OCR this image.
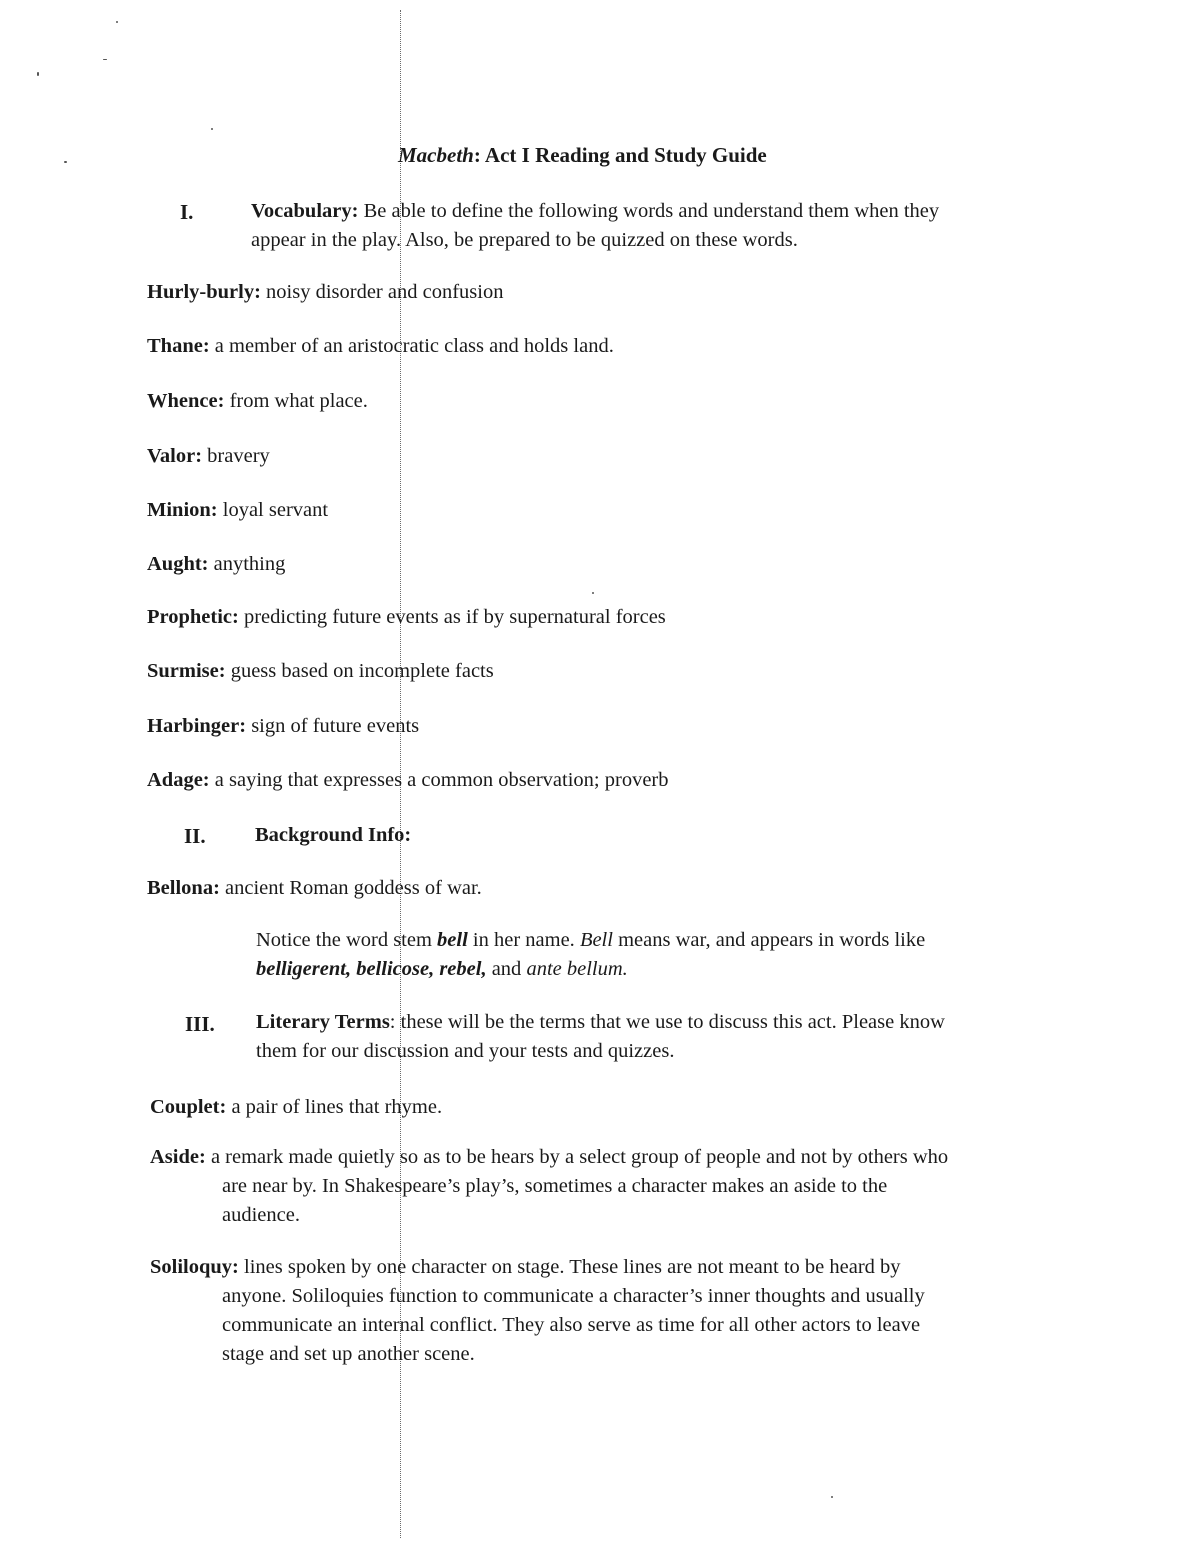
Macbeth: Act I Reading and Study Guide
I.	Vocabulary: Be able to define the following words and understand them when they
appear in the play. Also, be prepared to be quizzed on these words.
Hurly-burly: noisy disorder and confusion
Thane: a member of an aristocratic class and holds land.
Whence: from what place.
Valor: bravery
Minion: loyal servant
Aught: anything
Prophetic: predicting future events as if by supernatural forces
Surmise: guess based on incomplete facts
Harbinger: sign of future events
Adage: a saying that expresses a common observation; proverb
II. Background Info:
Bellona: ancient Roman goddess of war.
Notice the word stem bell in her name. Bell means war, and appears in words like
belligerent, bellicose, rebel, and ante bellum.
III. Literary Terms: these will be the terms that we use to discuss this act. Please know
them for our discussion and your tests and quizzes.
Couplet: a pair of lines that rhyme.
Aside: a remark made quietly so as to be hears by a select group of people and not by others who
are near by. In Shakespeare’s play’s, sometimes a character makes an aside to the
audience.
Soliloquy: lines spoken by one character on stage. These lines are not meant to be heard by
anyone. Soliloquies function to communicate a character’s inner thoughts and usually
communicate an internal conflict. They also serve as time for all other actors to leave
stage and set up another scene.
